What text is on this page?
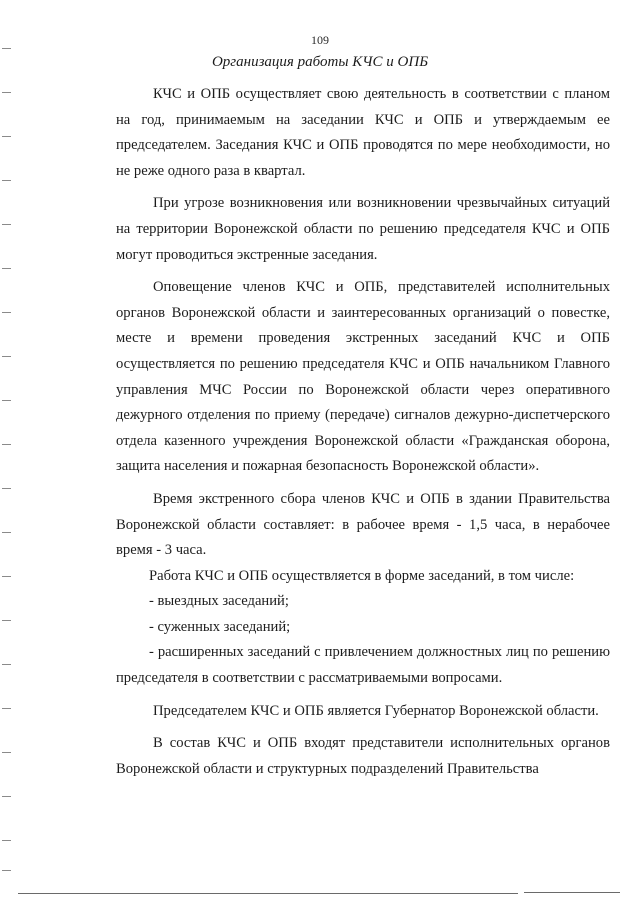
109
Организация работы КЧС и ОПБ

КЧС и ОПБ осуществляет свою деятельность в соответствии с планом на год, принимаемым на заседании КЧС и ОПБ и утверждаемым ее председателем. Заседания КЧС и ОПБ проводятся по мере необходимости, но не реже одного раза в квартал.

При угрозе возникновения или возникновении чрезвычайных ситуаций на территории Воронежской области по решению председателя КЧС и ОПБ могут проводиться экстренные заседания.

Оповещение членов КЧС и ОПБ, представителей исполнительных органов Воронежской области и заинтересованных организаций о повестке, месте и времени проведения экстренных заседаний КЧС и ОПБ осуществляется по решению председателя КЧС и ОПБ начальником Главного управления МЧС России по Воронежской области через оперативного дежурного отделения по приему (передаче) сигналов дежурно-диспетчерского отдела казенного учреждения Воронежской области «Гражданская оборона, защита населения и пожарная безопасность Воронежской области».

Время экстренного сбора членов КЧС и ОПБ в здании Правительства Воронежской области составляет: в рабочее время - 1,5 часа, в нерабочее время - 3 часа.

Работа КЧС и ОПБ осуществляется в форме заседаний, в том числе:

- выездных заседаний;

- суженных заседаний;

- расширенных заседаний с привлечением должностных лиц по решению председателя в соответствии с рассматриваемыми вопросами.

Председателем КЧС и ОПБ является Губернатор Воронежской области.

В состав КЧС и ОПБ входят представители исполнительных органов Воронежской области и структурных подразделений Правительства
